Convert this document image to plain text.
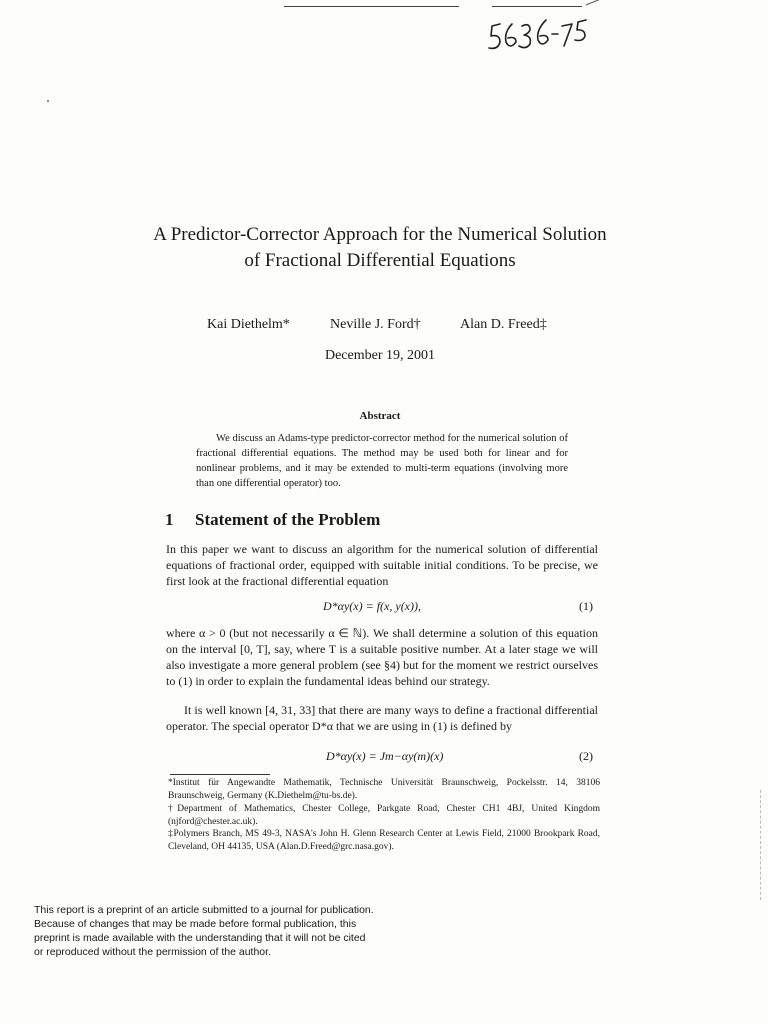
A Predictor-Corrector Approach for the Numerical Solution of Fractional Differential Equations
Kai Diethelm*	Neville J. Ford†	Alan D. Freed‡
December 19, 2001
Abstract
We discuss an Adams-type predictor-corrector method for the numerical solution of fractional differential equations. The method may be used both for linear and for nonlinear problems, and it may be extended to multi-term equations (involving more than one differential operator) too.
1 Statement of the Problem
In this paper we want to discuss an algorithm for the numerical solution of differential equations of fractional order, equipped with suitable initial conditions. To be precise, we first look at the fractional differential equation
D*αy(x) = f(x, y(x)),	(1)
where α > 0 (but not necessarily α ∈ ℕ). We shall determine a solution of this equation on the interval [0, T], say, where T is a suitable positive number. At a later stage we will also investigate a more general problem (see §4) but for the moment we restrict ourselves to (1) in order to explain the fundamental ideas behind our strategy.
It is well known [4, 31, 33] that there are many ways to define a fractional differential operator. The special operator D*α that we are using in (1) is defined by
D*αy(x) = Jm−αy(m)(x)	(2)
*Institut für Angewandte Mathematik, Technische Universität Braunschweig, Pockelsstr. 14, 38106 Braunschweig, Germany (K.Diethelm@tu-bs.de).
†Department of Mathematics, Chester College, Parkgate Road, Chester CH1 4BJ, United Kingdom (njford@chester.ac.uk).
‡Polymers Branch, MS 49-3, NASA's John H. Glenn Research Center at Lewis Field, 21000 Brookpark Road, Cleveland, OH 44135, USA (Alan.D.Freed@grc.nasa.gov).
This report is a preprint of an article submitted to a journal for publication. Because of changes that may be made before formal publication, this preprint is made available with the understanding that it will not be cited or reproduced without the permission of the author.
